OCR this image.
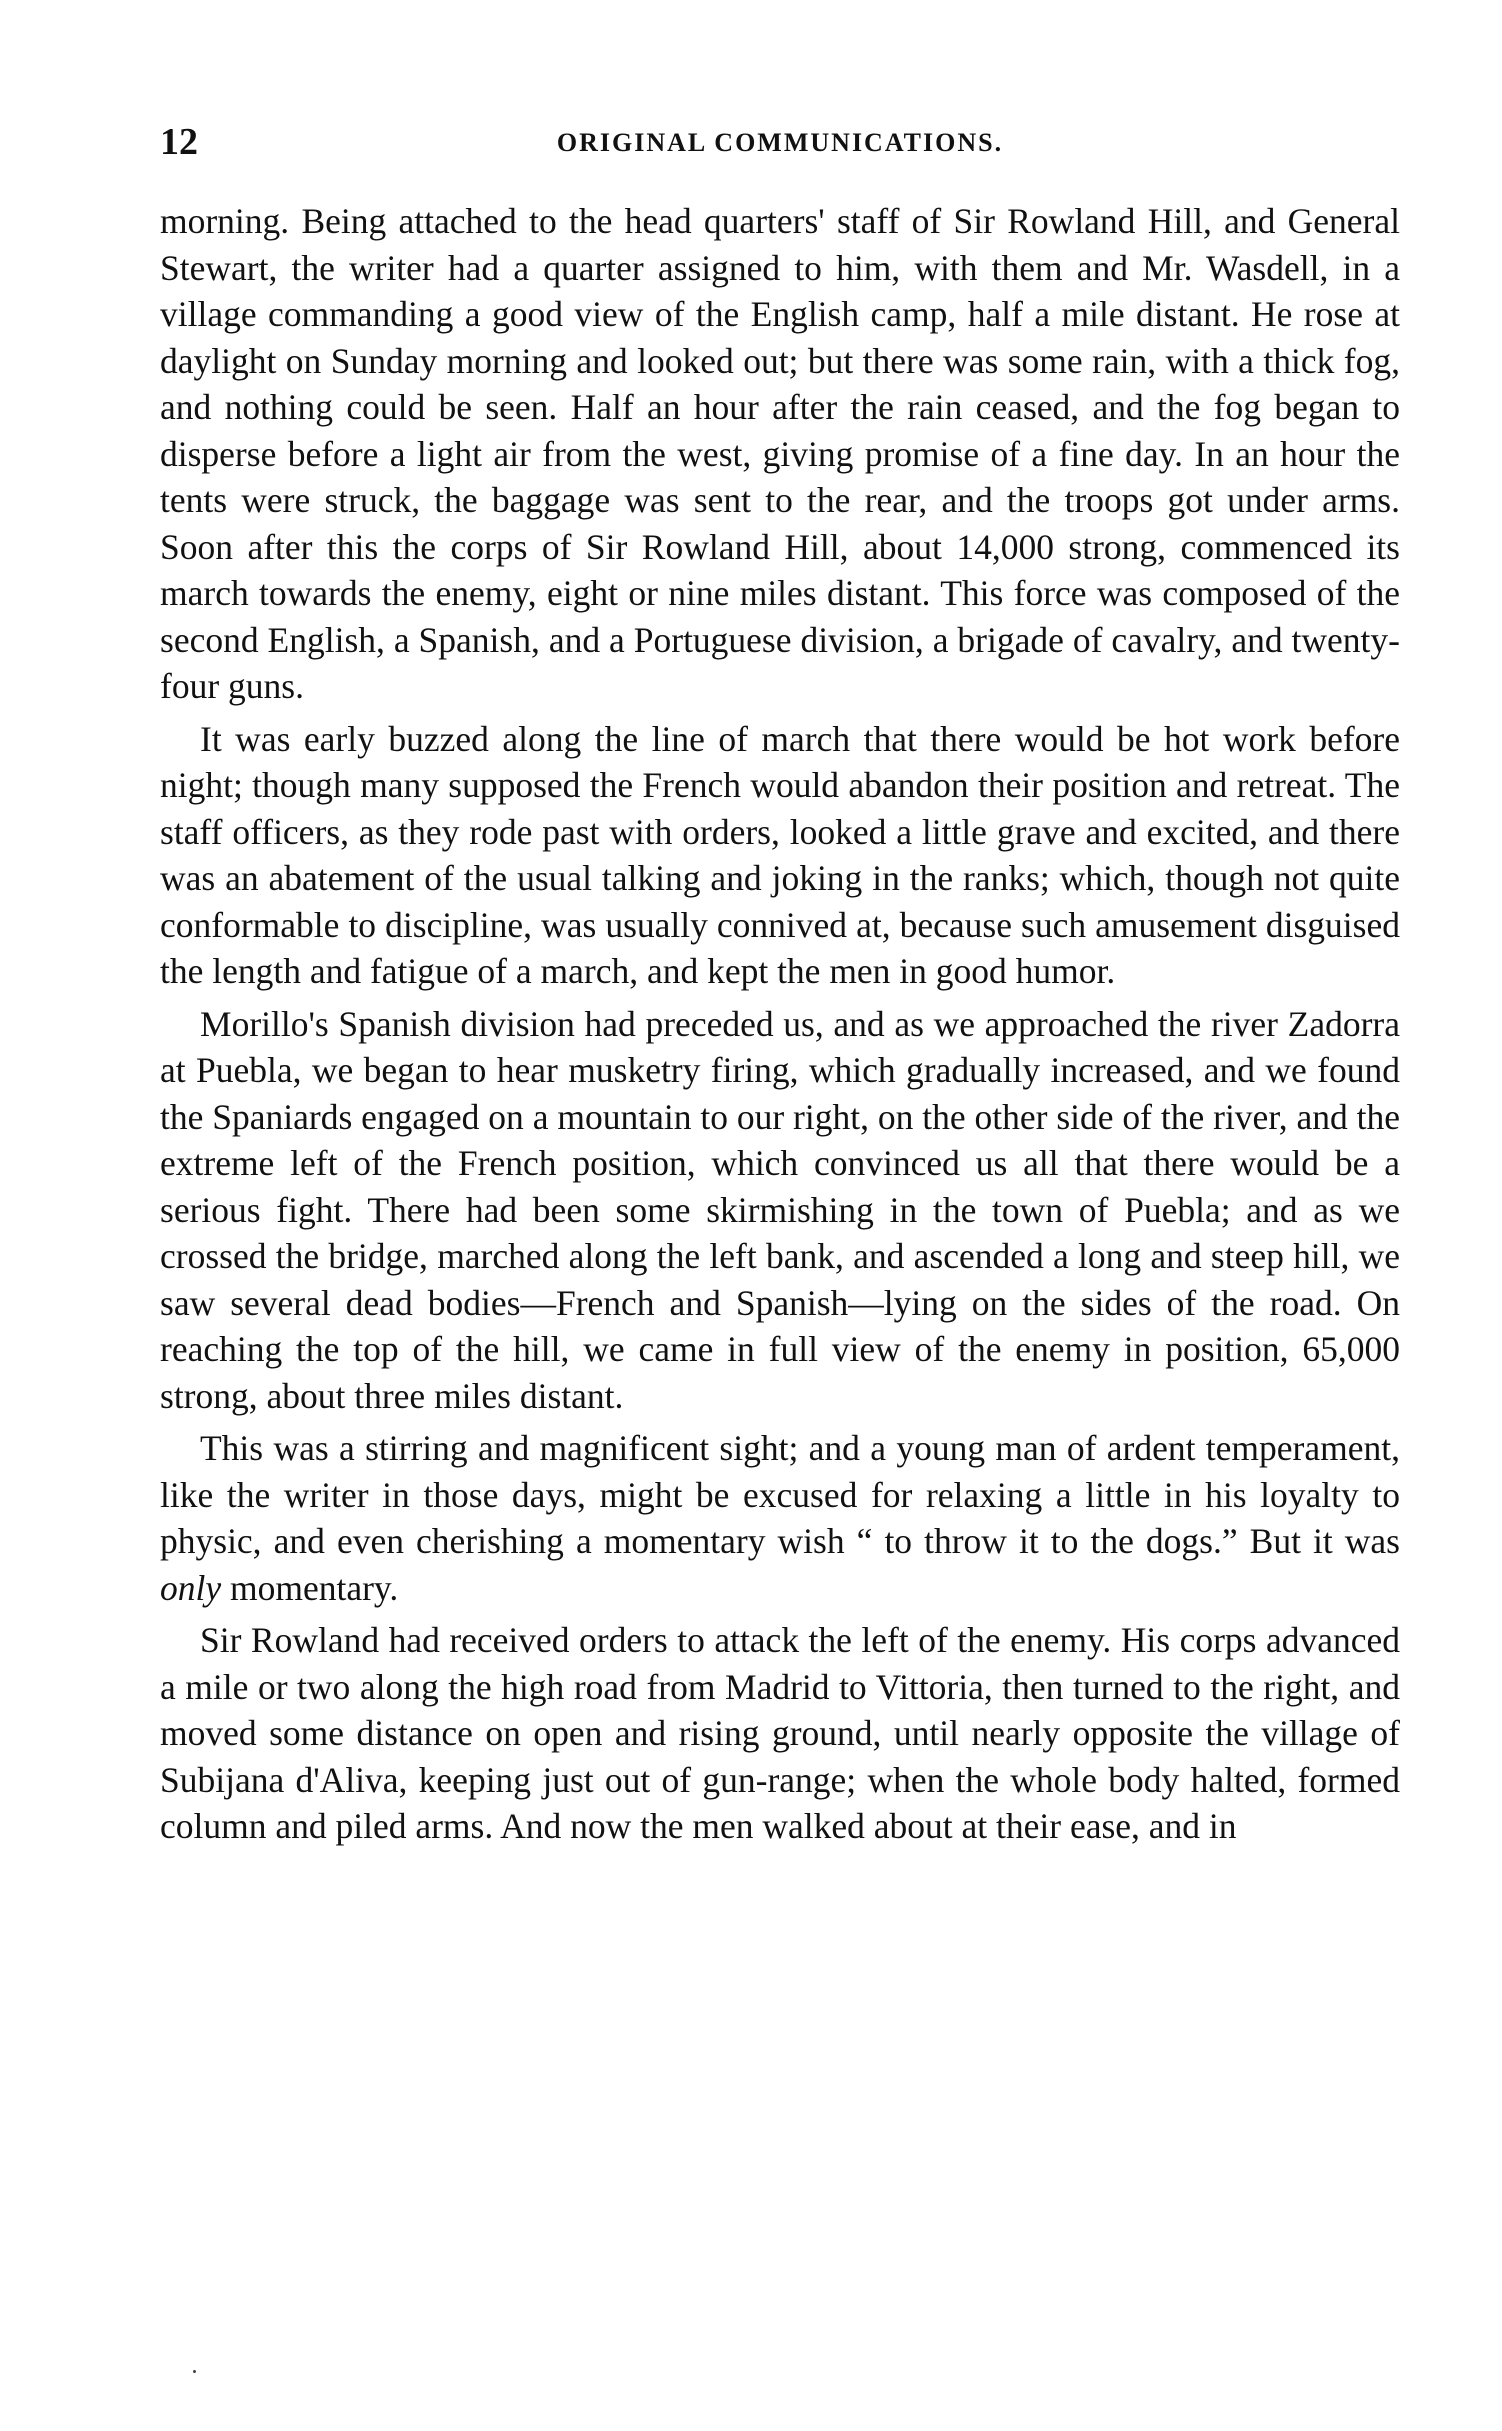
12	ORIGINAL COMMUNICATIONS.

morning. Being attached to the head quarters' staff of Sir Rowland Hill, and General Stewart, the writer had a quarter assigned to him, with them and Mr. Wasdell, in a village commanding a good view of the English camp, half a mile distant. He rose at daylight on Sunday morning and looked out; but there was some rain, with a thick fog, and nothing could be seen. Half an hour after the rain ceased, and the fog began to disperse before a light air from the west, giving promise of a fine day. In an hour the tents were struck, the baggage was sent to the rear, and the troops got under arms. Soon after this the corps of Sir Rowland Hill, about 14,000 strong, commenced its march towards the enemy, eight or nine miles distant. This force was composed of the second English, a Spanish, and a Portuguese division, a brigade of cavalry, and twenty-four guns.

It was early buzzed along the line of march that there would be hot work before night; though many supposed the French would abandon their position and retreat. The staff officers, as they rode past with orders, looked a little grave and excited, and there was an abatement of the usual talking and joking in the ranks; which, though not quite conformable to discipline, was usually connived at, because such amusement disguised the length and fatigue of a march, and kept the men in good humor.

Morillo's Spanish division had preceded us, and as we approached the river Zadorra at Puebla, we began to hear musketry firing, which gradually increased, and we found the Spaniards engaged on a mountain to our right, on the other side of the river, and the extreme left of the French position, which convinced us all that there would be a serious fight. There had been some skirmishing in the town of Puebla; and as we crossed the bridge, marched along the left bank, and ascended a long and steep hill, we saw several dead bodies—French and Spanish—lying on the sides of the road. On reaching the top of the hill, we came in full view of the enemy in position, 65,000 strong, about three miles distant.

This was a stirring and magnificent sight; and a young man of ardent temperament, like the writer in those days, might be excused for relaxing a little in his loyalty to physic, and even cherishing a momentary wish “ to throw it to the dogs.” But it was only momentary.

Sir Rowland had received orders to attack the left of the enemy. His corps advanced a mile or two along the high road from Madrid to Vittoria, then turned to the right, and moved some distance on open and rising ground, until nearly opposite the village of Subijana d'Aliva, keeping just out of gun-range; when the whole body halted, formed column and piled arms. And now the men walked about at their ease, and in
